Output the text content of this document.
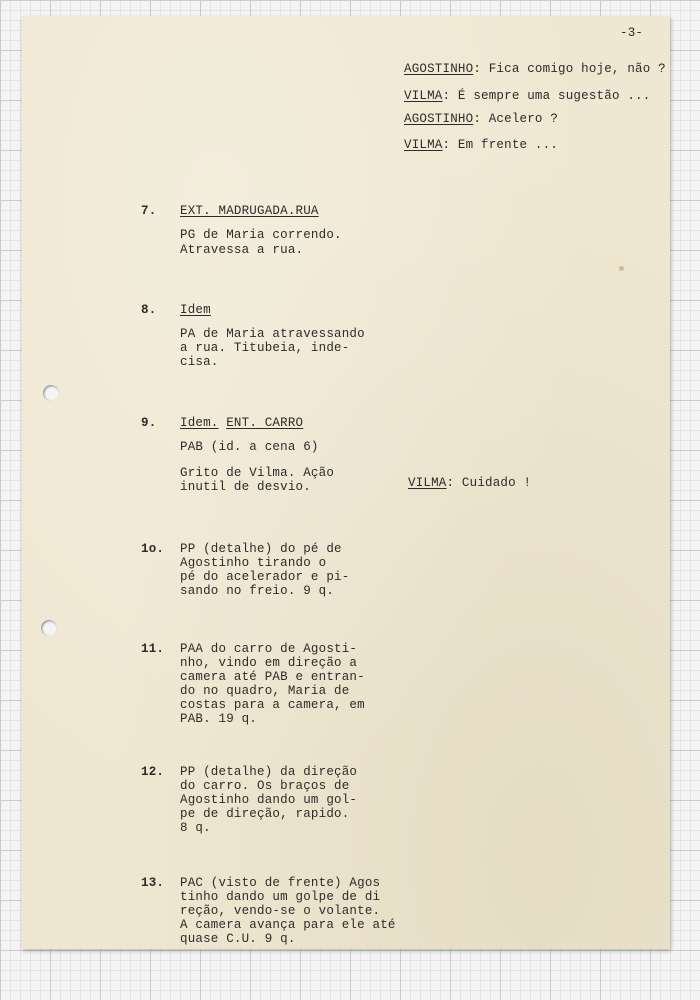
-3-
AGOSTINHO: Fica comigo hoje, não ?
VILMA: É sempre uma sugestão ...
AGOSTINHO: Acelero ?
VILMA: Em frente ...
7. EXT. MADRUGADA.RUA
PG de Maria correndo.
Atravessa a rua.
8. Idem
PA de Maria atravessando
a rua. Titubeia, inde-
cisa.
9. Idem. ENT. CARRO
PAB (id. a cena 6)
Grito de Vilma. Ação
inutil de desvio.	VILMA: Cuidado !
1o. PP (detalhe) do pé de
Agostinho tirando o
pé do acelerador e pi-
sando no freio. 9 q.
11. PAA do carro de Agosti-
nho, vindo em direção a
camera até PAB e entran-
do no quadro, Maria de
costas para a camera, em
PAB. 19 q.
12. PP (detalhe) da direção
do carro. Os braços de
Agostinho dando um gol-
pe de direção, rapido.
8 q.
13. PAC (visto de frente) Agos
tinho dando um golpe de di
reção, vendo-se o volante.
A camera avança para ele até
quase C.U. 9 q.
